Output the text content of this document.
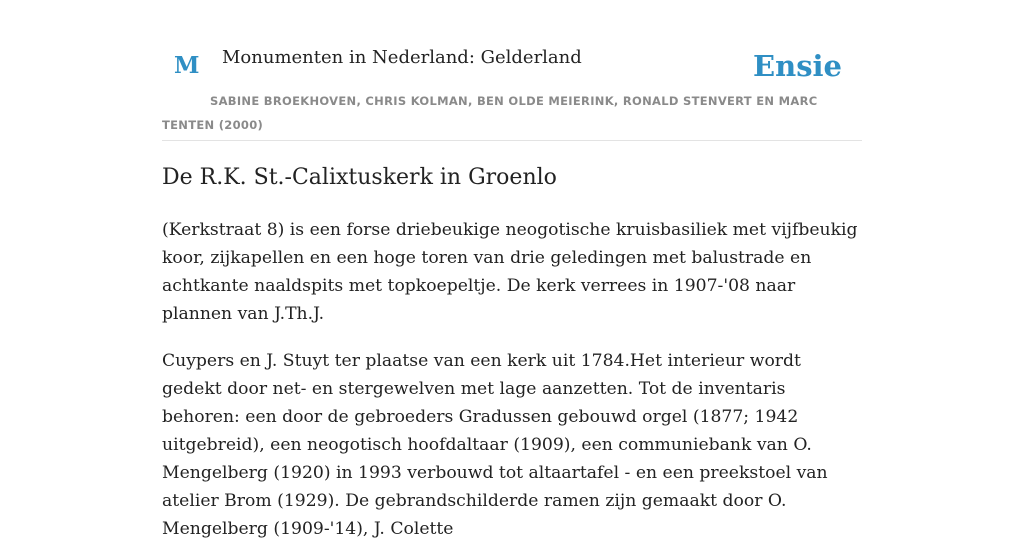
M Monumenten in Nederland: Gelderland	Ensie
SABINE BROEKHOVEN, CHRIS KOLMAN, BEN OLDE MEIERINK, RONALD STENVERT EN MARC TENTEN (2000)
De R.K. St.-Calixtuskerk in Groenlo

(Kerkstraat 8) is een forse driebeukige neogotische kruisbasiliek met vijfbeukig koor, zijkapellen en een hoge toren van drie geledingen met balustrade en achtkante naaldspits met topkoepeltje. De kerk verrees in 1907-'08 naar plannen van J.Th.J.

Cuypers en J. Stuyt ter plaatse van een kerk uit 1784.Het interieur wordt gedekt door net- en stergewelven met lage aanzetten. Tot de inventaris behoren: een door de gebroeders Gradussen gebouwd orgel (1877; 1942 uitgebreid), een neogotisch hoofdaltaar (1909), een communiebank van O. Mengelberg (1920) in 1993 verbouwd tot altaartafel - en een preekstoel van atelier Brom (1929). De gebrandschilderde ramen zijn gemaakt door O. Mengelberg (1909-'14), J. Colette
